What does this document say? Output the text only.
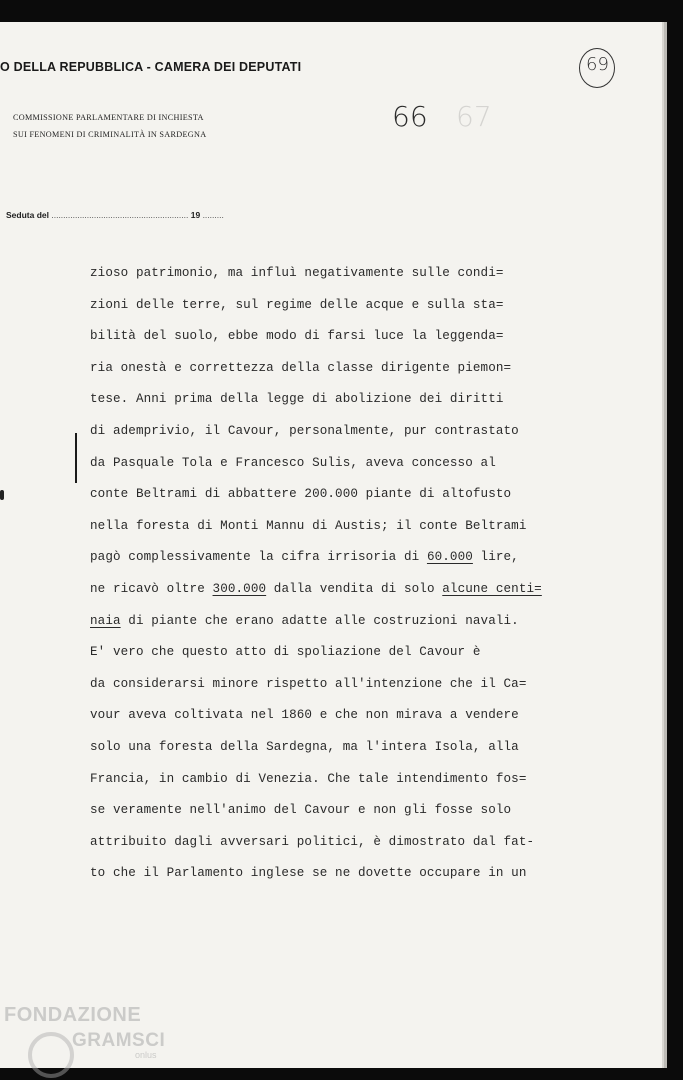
O DELLA REPUBBLICA - CAMERA DEI DEPUTATI
COMMISSIONE PARLAMENTARE DI INCHIESTA
SUI FENOMENI DI CRIMINALITÀ IN SARDEGNA
69
66 67
Seduta del .......................................................... 19 .........
zioso patrimonio, ma influì negativamente sulle condi=
zioni delle terre, sul regime delle acque e sulla sta=
bilità del suolo, ebbe modo di farsi luce la leggenda=
ria onestà e correttezza della classe dirigente piemon=
tese. Anni prima della legge di abolizione dei diritti
di ademprivio, il Cavour, personalmente, pur contrastato
da Pasquale Tola e Francesco Sulis, aveva concesso al
conte Beltrami di abbattere 200.000 piante di altofusto
nella foresta di Monti Mannu di Austis; il conte Beltrami
pagò complessivamente la cifra irrisoria di 60.000 lire,
ne ricavò oltre 300.000 dalla vendita di solo alcune centi=
naia di piante che erano adatte alle costruzioni navali.
E' vero che questo atto di spoliazione del Cavour è
da considerarsi minore rispetto all'intenzione che il Ca=
vour aveva coltivata nel 1860 e che non mirava a vendere
solo una foresta della Sardegna, ma l'intera Isola, alla
Francia, in cambio di Venezia. Che tale intendimento fos=
se veramente nell'animo del Cavour e non gli fosse solo
attribuito dagli avversari politici, è dimostrato dal fat-
to che il Parlamento inglese se ne dovette occupare in un
FONDAZIONE
GRAMSCI
onlus
